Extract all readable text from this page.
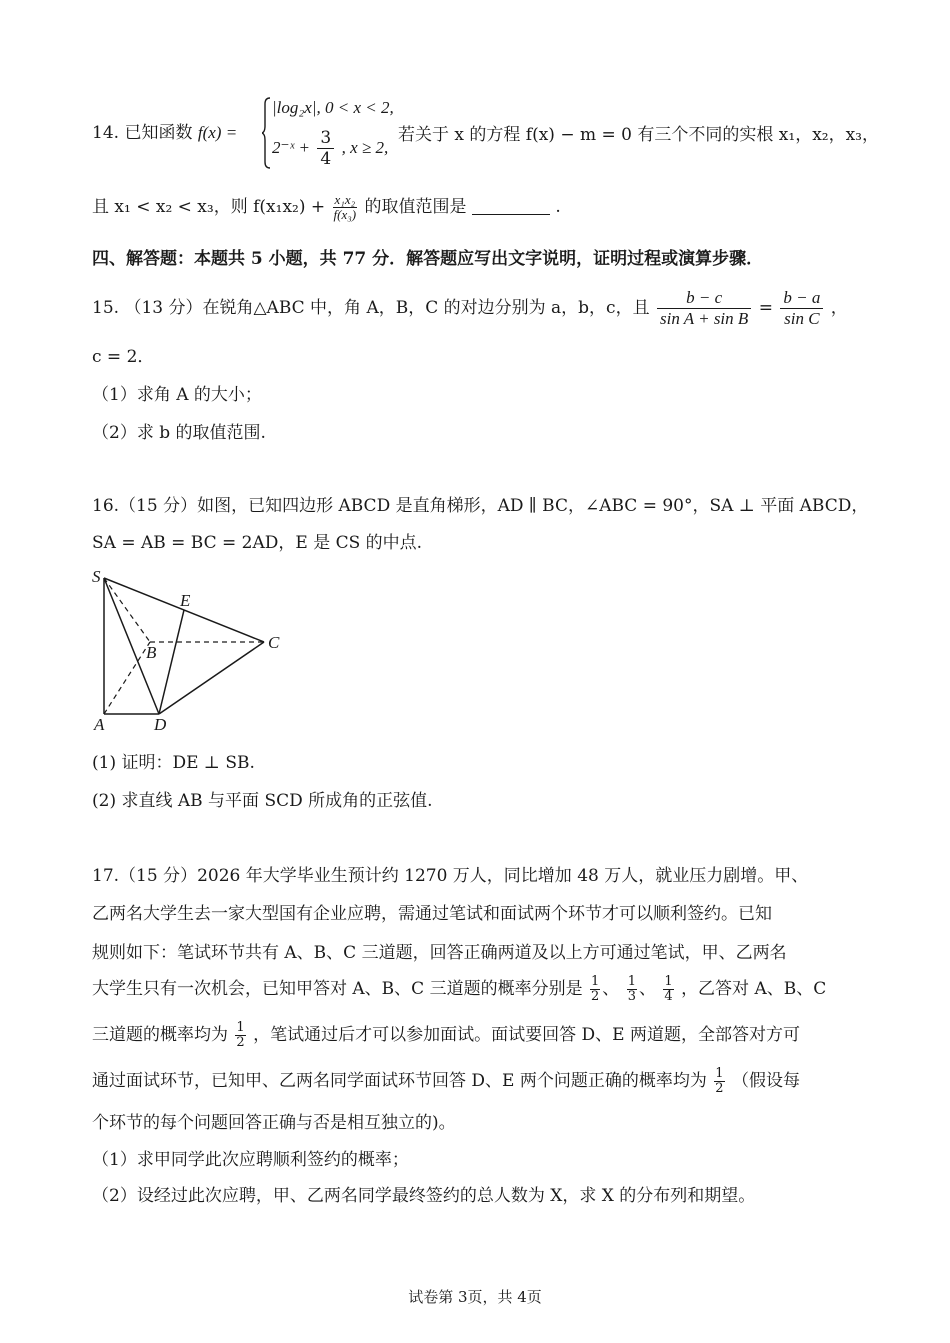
14. 已知函数 f(x) =
|log₂x|, 0 < x < 2,
2⁻ˣ + $\frac{3}{4}$ , x ≥ 2,
若关于 x 的方程 f(x) − m = 0 有三个不同的实根 x₁，x₂，x₃，
且 x₁ < x₂ < x₃，则 $f(x_1x_2) + \frac{\text{x₁x₂}}{\text{f(x₃)}}$ 的取值范围是	.
四、解答题：本题共 5 小题，共 77 分．解答题应写出文字说明，证明过程或演算步骤．
15. （13 分）在锐角△ABC 中，角 A，B，C 的对边分别为 a，b，c，且 $\frac{b - c}{\text{sin A + sin B}} = \frac{b - a}{\text{sin C}}$ ，
c = 2．
（1）求角 A 的大小；
（2）求 b 的取值范围.
16.（15 分）如图，已知四边形 ABCD 是直角梯形，AD ∥ BC，∠ABC = 90°，SA ⊥ 平面 ABCD，
SA = AB = BC = 2AD，E 是 CS 的中点.
S
E
B
C
A	D
(1) 证明：DE ⊥ SB.
(2) 求直线 AB 与平面 SCD 所成角的正弦值.
17.（15 分）2026 年大学毕业生预计约 1270 万人，同比增加 48 万人，就业压力剧增。甲、
乙两名大学生去一家大型国有企业应聘，需通过笔试和面试两个环节才可以顺利签约。已知
规则如下：笔试环节共有 A、B、C 三道题，回答正确两道及以上方可通过笔试，甲、乙两名
大学生只有一次机会，已知甲答对 A、B、C 三道题的概率分别是 $\frac{1}{2}$ 、 $\frac{1}{3}$ 、 $\frac{1}{4}$ ，乙答对 A、B、C
三道题的概率均为 $\frac{1}{2}$ ，笔试通过后才可以参加面试。面试要回答 D、E 两道题，全部答对方可
通过面试环节，已知甲、乙两名同学面试环节回答 D、E 两个问题正确的概率均为 $\frac{1}{2}$ （假设每
个环节的每个问题回答正确与否是相互独立的)。
（1）求甲同学此次应聘顺利签约的概率；
（2）设经过此次应聘，甲、乙两名同学最终签约的总人数为 X，求 X 的分布列和期望。
试卷第 3页，共 4页
